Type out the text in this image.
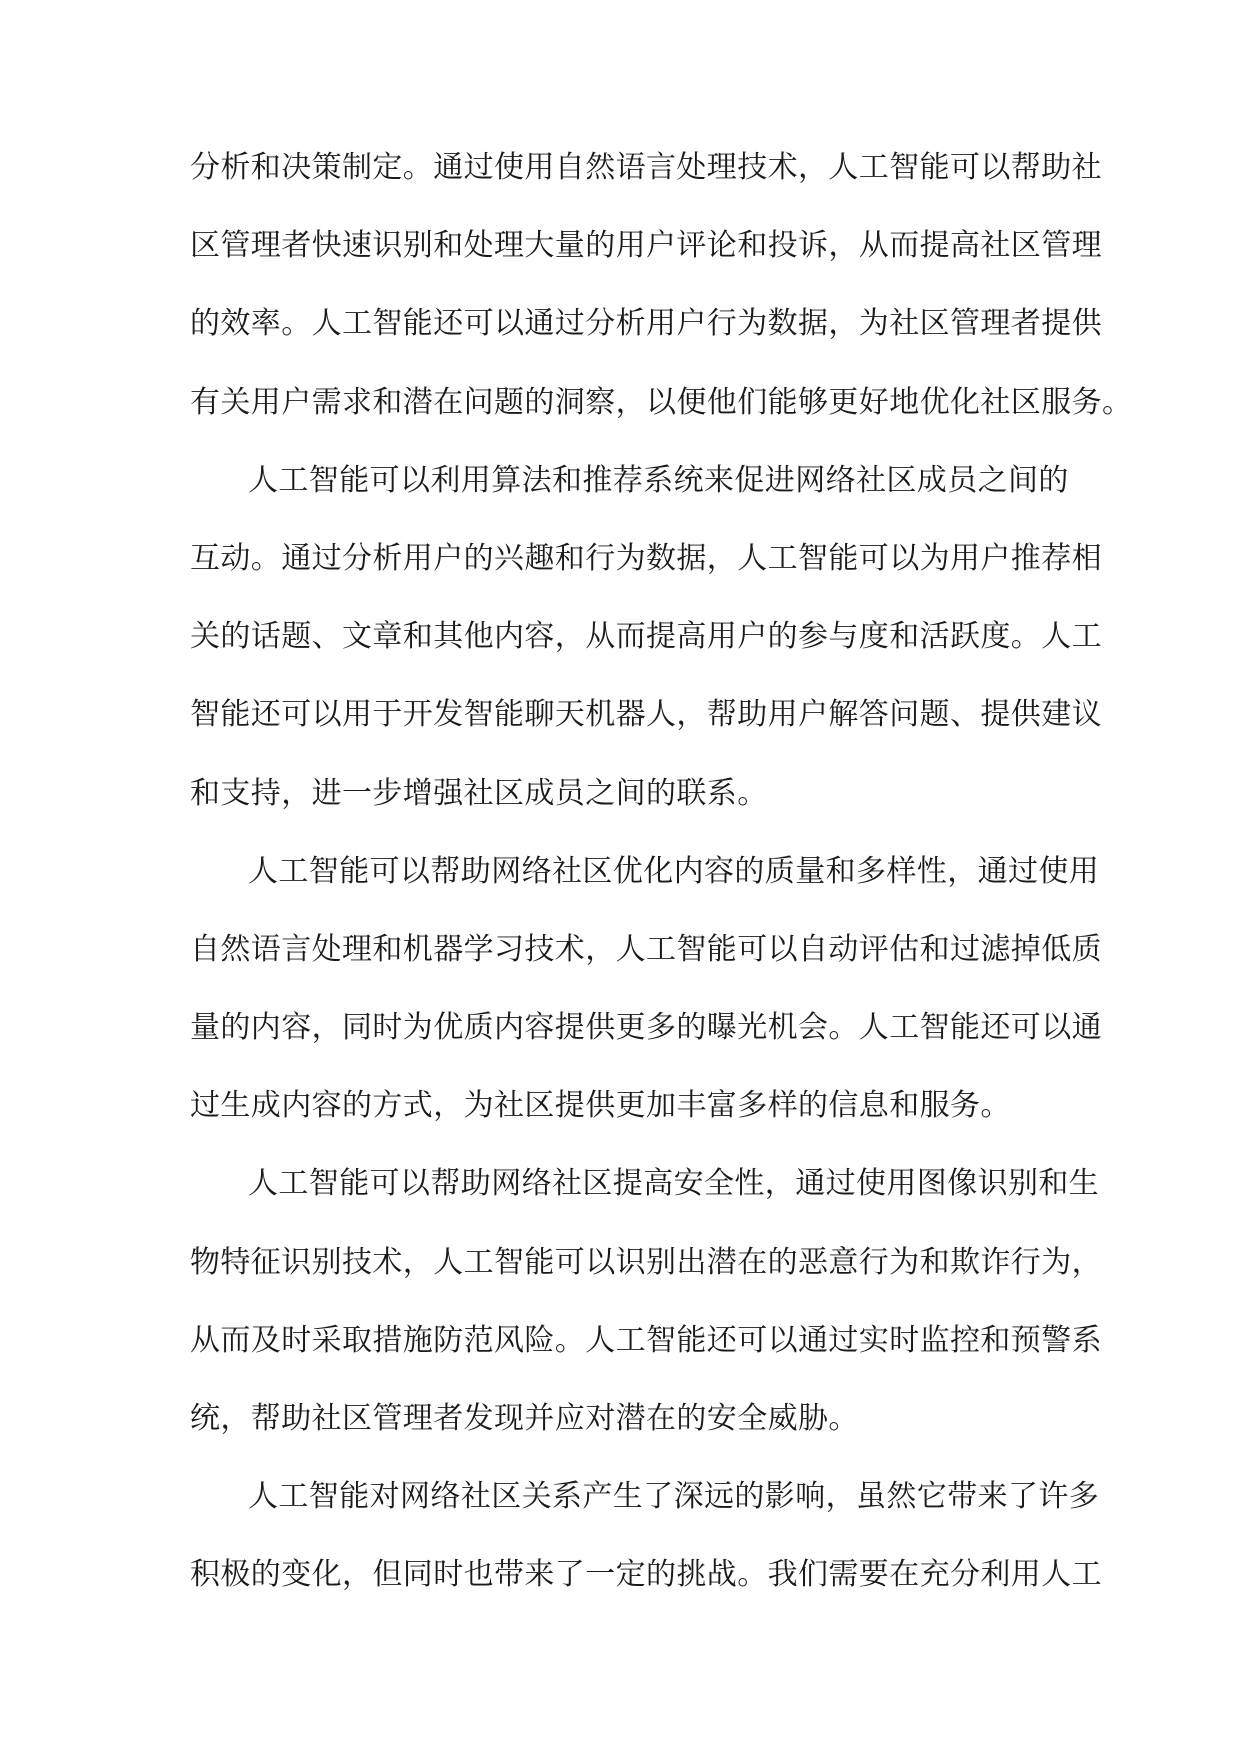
分析和决策制定。通过使用自然语言处理技术，人工智能可以帮助社
区管理者快速识别和处理大量的用户评论和投诉，从而提高社区管理
的效率。人工智能还可以通过分析用户行为数据，为社区管理者提供
有关用户需求和潜在问题的洞察，以便他们能够更好地优化社区服务。
人工智能可以利用算法和推荐系统来促进网络社区成员之间的
互动。通过分析用户的兴趣和行为数据，人工智能可以为用户推荐相
关的话题、文章和其他内容，从而提高用户的参与度和活跃度。人工
智能还可以用于开发智能聊天机器人，帮助用户解答问题、提供建议
和支持，进一步增强社区成员之间的联系。
人工智能可以帮助网络社区优化内容的质量和多样性，通过使用
自然语言处理和机器学习技术，人工智能可以自动评估和过滤掉低质
量的内容，同时为优质内容提供更多的曝光机会。人工智能还可以通
过生成内容的方式，为社区提供更加丰富多样的信息和服务。
人工智能可以帮助网络社区提高安全性，通过使用图像识别和生
物特征识别技术，人工智能可以识别出潜在的恶意行为和欺诈行为，
从而及时采取措施防范风险。人工智能还可以通过实时监控和预警系
统，帮助社区管理者发现并应对潜在的安全威胁。
人工智能对网络社区关系产生了深远的影响，虽然它带来了许多
积极的变化，但同时也带来了一定的挑战。我们需要在充分利用人工
